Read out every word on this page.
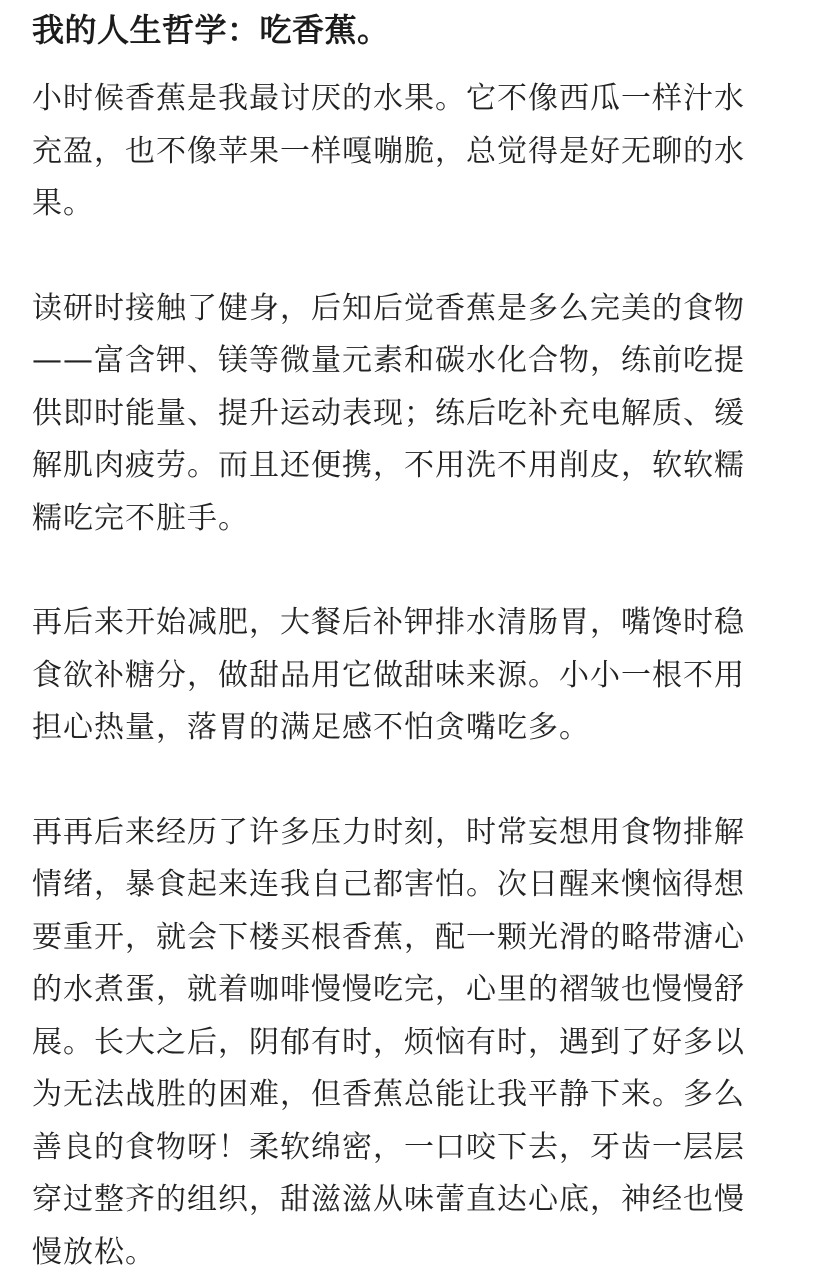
我的人生哲学：吃香蕉。

小时候香蕉是我最讨厌的水果。它不像西瓜一样汁水
充盈，也不像苹果一样嘎嘣脆，总觉得是好无聊的水
果。

读研时接触了健身，后知后觉香蕉是多么完美的食物
——富含钾、镁等微量元素和碳水化合物，练前吃提
供即时能量、提升运动表现；练后吃补充电解质、缓
解肌肉疲劳。而且还便携，不用洗不用削皮，软软糯
糯吃完不脏手。

再后来开始减肥，大餐后补钾排水清肠胃，嘴馋时稳
食欲补糖分，做甜品用它做甜味来源。小小一根不用
担心热量，落胃的满足感不怕贪嘴吃多。

再再后来经历了许多压力时刻，时常妄想用食物排解
情绪，暴食起来连我自己都害怕。次日醒来懊恼得想
要重开，就会下楼买根香蕉，配一颗光滑的略带溏心
的水煮蛋，就着咖啡慢慢吃完，心里的褶皱也慢慢舒
展。长大之后，阴郁有时，烦恼有时，遇到了好多以
为无法战胜的困难，但香蕉总能让我平静下来。多么
善良的食物呀！柔软绵密，一口咬下去，牙齿一层层
穿过整齐的组织，甜滋滋从味蕾直达心底，神经也慢
慢放松。
